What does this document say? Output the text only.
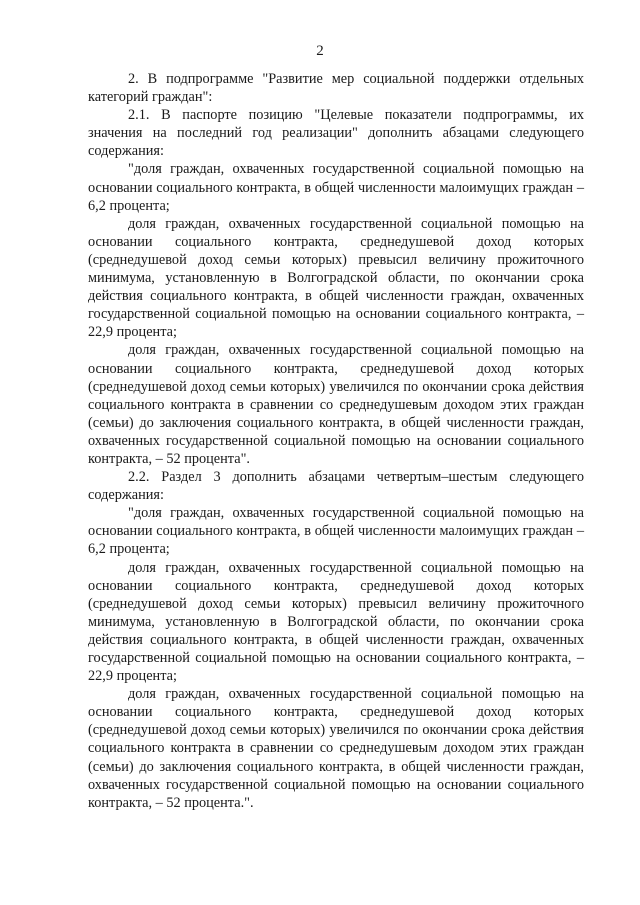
2

2. В подпрограмме "Развитие мер социальной поддержки отдельных категорий граждан":

2.1. В паспорте позицию "Целевые показатели подпрограммы, их значения на последний год реализации" дополнить абзацами следующего содержания:

"доля граждан, охваченных государственной социальной помощью на основании социального контракта, в общей численности малоимущих граждан – 6,2 процента;

доля граждан, охваченных государственной социальной помощью на основании социального контракта, среднедушевой доход которых (среднедушевой доход семьи которых) превысил величину прожиточного минимума, установленную в Волгоградской области, по окончании срока действия социального контракта, в общей численности граждан, охваченных государственной социальной помощью на основании социального контракта, – 22,9 процента;

доля граждан, охваченных государственной социальной помощью на основании социального контракта, среднедушевой доход которых (среднедушевой доход семьи которых) увеличился по окончании срока действия социального контракта в сравнении со среднедушевым доходом этих граждан (семьи) до заключения социального контракта, в общей численности граждан, охваченных государственной социальной помощью на основании социального контракта, – 52 процента".

2.2. Раздел 3 дополнить абзацами четвертым–шестым следующего содержания:

"доля граждан, охваченных государственной социальной помощью на основании социального контракта, в общей численности малоимущих граждан – 6,2 процента;

доля граждан, охваченных государственной социальной помощью на основании социального контракта, среднедушевой доход которых (среднедушевой доход семьи которых) превысил величину прожиточного минимума, установленную в Волгоградской области, по окончании срока действия социального контракта, в общей численности граждан, охваченных государственной социальной помощью на основании социального контракта, – 22,9 процента;

доля граждан, охваченных государственной социальной помощью на основании социального контракта, среднедушевой доход которых (среднедушевой доход семьи которых) увеличился по окончании срока действия социального контракта в сравнении со среднедушевым доходом этих граждан (семьи) до заключения социального контракта, в общей численности граждан, охваченных государственной социальной помощью на основании социального контракта, – 52 процента.".
